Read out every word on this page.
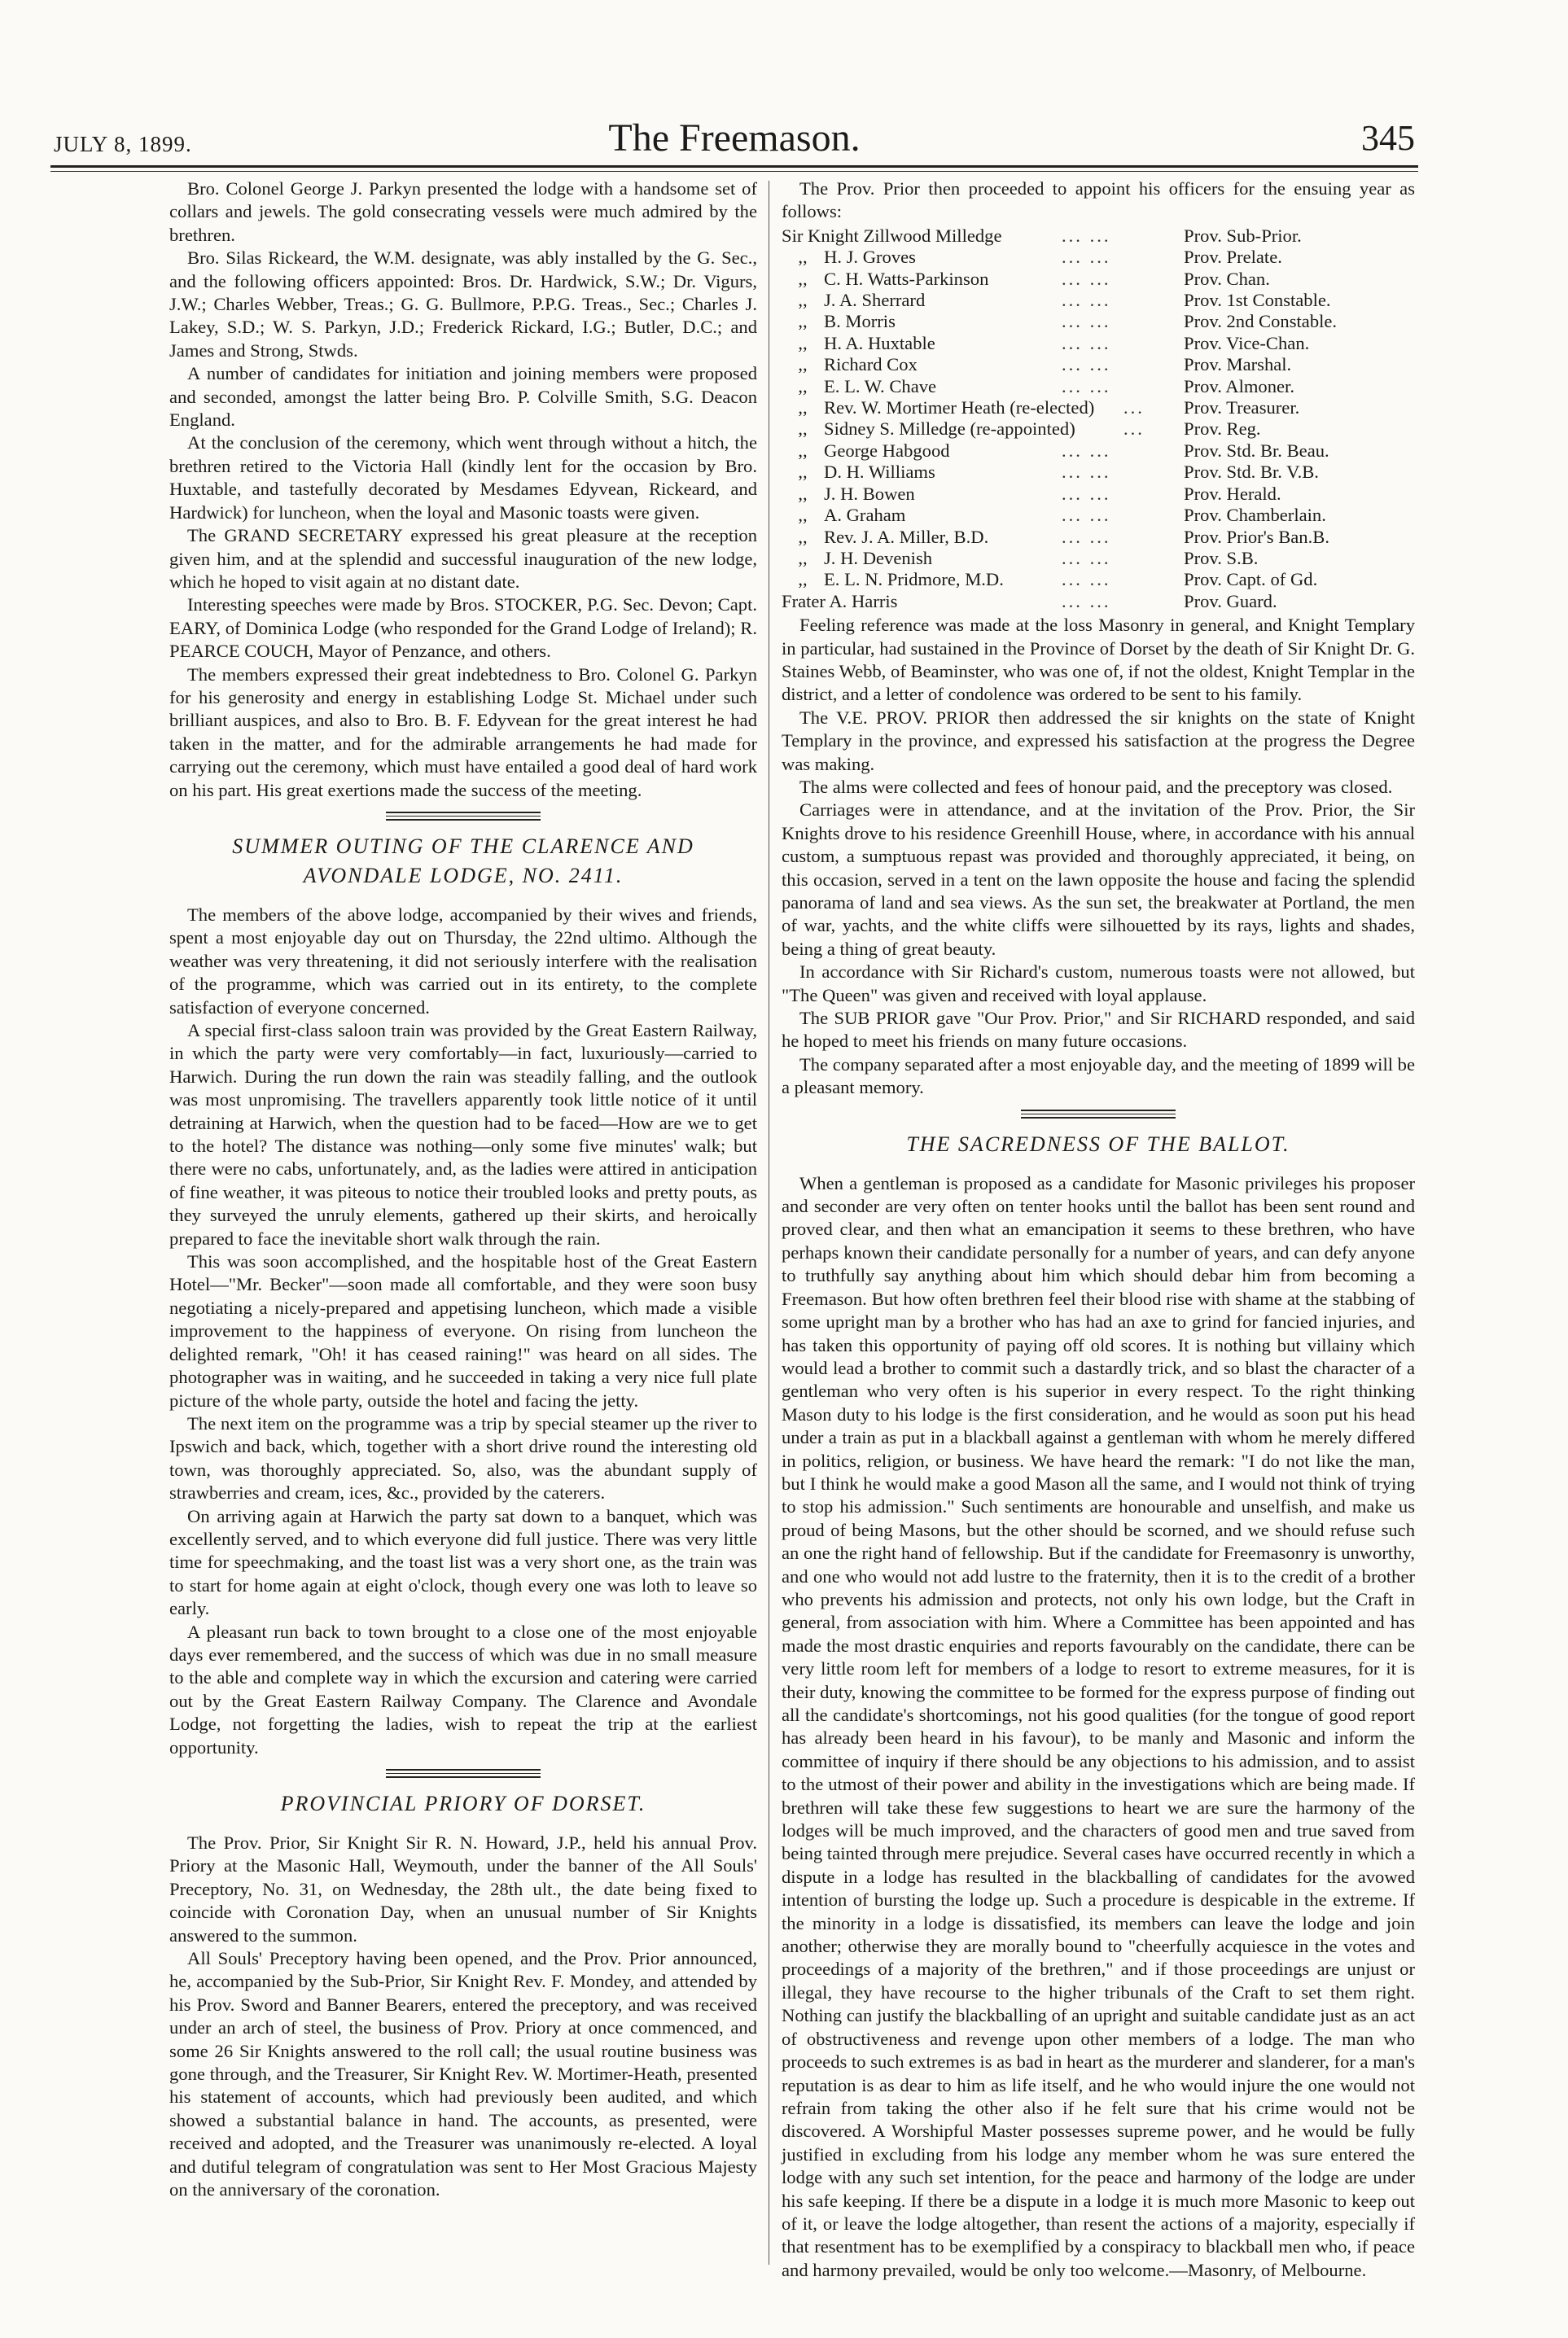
JULY 8, 1899.	The Freemason.	345

Bro. Colonel George J. Parkyn presented the lodge with a handsome set of collars and jewels. The gold consecrating vessels were much admired by the brethren.

Bro. Silas Rickeard, the W.M. designate, was ably installed by the G. Sec., and the following officers appointed: Bros. Dr. Hardwick, S.W.; Dr. Vigurs, J.W.; Charles Webber, Treas.; G. G. Bullmore, P.P.G. Treas., Sec.; Charles J. Lakey, S.D.; W. S. Parkyn, J.D.; Frederick Rickard, I.G.; Butler, D.C.; and James and Strong, Stwds.

A number of candidates for initiation and joining members were proposed and seconded, amongst the latter being Bro. P. Colville Smith, S.G. Deacon England.

At the conclusion of the ceremony, which went through without a hitch, the brethren retired to the Victoria Hall (kindly lent for the occasion by Bro. Huxtable, and tastefully decorated by Mesdames Edyvean, Rickeard, and Hardwick) for luncheon, when the loyal and Masonic toasts were given.

The GRAND SECRETARY expressed his great pleasure at the reception given him, and at the splendid and successful inauguration of the new lodge, which he hoped to visit again at no distant date.

Interesting speeches were made by Bros. STOCKER, P.G. Sec. Devon; Capt. EARY, of Dominica Lodge (who responded for the Grand Lodge of Ireland); R. PEARCE COUCH, Mayor of Penzance, and others.

The members expressed their great indebtedness to Bro. Colonel G. Parkyn for his generosity and energy in establishing Lodge St. Michael under such brilliant auspices, and also to Bro. B. F. Edyvean for the great interest he had taken in the matter, and for the admirable arrangements he had made for carrying out the ceremony, which must have entailed a good deal of hard work on his part. His great exertions made the success of the meeting.

SUMMER OUTING OF THE CLARENCE AND AVONDALE LODGE, NO. 2411.

The members of the above lodge, accompanied by their wives and friends, spent a most enjoyable day out on Thursday, the 22nd ultimo. Although the weather was very threatening, it did not seriously interfere with the realisation of the programme, which was carried out in its entirety, to the complete satisfaction of everyone concerned.

A special first-class saloon train was provided by the Great Eastern Railway, in which the party were very comfortably—in fact, luxuriously—carried to Harwich. During the run down the rain was steadily falling, and the outlook was most unpromising. The travellers apparently took little notice of it until detraining at Harwich, when the question had to be faced—How are we to get to the hotel? The distance was nothing—only some five minutes' walk; but there were no cabs, unfortunately, and, as the ladies were attired in anticipation of fine weather, it was piteous to notice their troubled looks and pretty pouts, as they surveyed the unruly elements, gathered up their skirts, and heroically prepared to face the inevitable short walk through the rain.

This was soon accomplished, and the hospitable host of the Great Eastern Hotel—"Mr. Becker"—soon made all comfortable, and they were soon busy negotiating a nicely-prepared and appetising luncheon, which made a visible improvement to the happiness of everyone. On rising from luncheon the delighted remark, "Oh! it has ceased raining!" was heard on all sides. The photographer was in waiting, and he succeeded in taking a very nice full plate picture of the whole party, outside the hotel and facing the jetty.

The next item on the programme was a trip by special steamer up the river to Ipswich and back, which, together with a short drive round the interesting old town, was thoroughly appreciated. So, also, was the abundant supply of strawberries and cream, ices, &c., provided by the caterers.

On arriving again at Harwich the party sat down to a banquet, which was excellently served, and to which everyone did full justice. There was very little time for speechmaking, and the toast list was a very short one, as the train was to start for home again at eight o'clock, though every one was loth to leave so early.

A pleasant run back to town brought to a close one of the most enjoyable days ever remembered, and the success of which was due in no small measure to the able and complete way in which the excursion and catering were carried out by the Great Eastern Railway Company. The Clarence and Avondale Lodge, not forgetting the ladies, wish to repeat the trip at the earliest opportunity.

PROVINCIAL PRIORY OF DORSET.

The Prov. Prior, Sir Knight Sir R. N. Howard, J.P., held his annual Prov. Priory at the Masonic Hall, Weymouth, under the banner of the All Souls' Preceptory, No. 31, on Wednesday, the 28th ult., the date being fixed to coincide with Coronation Day, when an unusual number of Sir Knights answered to the summon.

All Souls' Preceptory having been opened, and the Prov. Prior announced, he, accompanied by the Sub-Prior, Sir Knight Rev. F. Mondey, and attended by his Prov. Sword and Banner Bearers, entered the preceptory, and was received under an arch of steel, the business of Prov. Priory at once commenced, and some 26 Sir Knights answered to the roll call; the usual routine business was gone through, and the Treasurer, Sir Knight Rev. W. Mortimer-Heath, presented his statement of accounts, which had previously been audited, and which showed a substantial balance in hand. The accounts, as presented, were received and adopted, and the Treasurer was unanimously re-elected. A loyal and dutiful telegram of congratulation was sent to Her Most Gracious Majesty on the anniversary of the coronation.

The Prov. Prior then proceeded to appoint his officers for the ensuing year as follows:

Sir Knight Zillwood Milledge	... ...	Prov. Sub-Prior.
,, H. J. Groves	... ...	Prov. Prelate.
,, C. H. Watts-Parkinson	... ...	Prov. Chan.
,, J. A. Sherrard	... ...	Prov. 1st Constable.
,, B. Morris	... ...	Prov. 2nd Constable.
,, H. A. Huxtable	... ...	Prov. Vice-Chan.
,, Richard Cox	... ...	Prov. Marshal.
,, E. L. W. Chave	... ...	Prov. Almoner.
,, Rev. W. Mortimer Heath (re-elected)	...	Prov. Treasurer.
,, Sidney S. Milledge (re-appointed)	...	Prov. Reg.
,, George Habgood	... ...	Prov. Std. Br. Beau.
,, D. H. Williams	... ...	Prov. Std. Br. V.B.
,, J. H. Bowen	... ...	Prov. Herald.
,, A. Graham	... ...	Prov. Chamberlain.
,, Rev. J. A. Miller, B.D.	... ...	Prov. Prior's Ban.B.
,, J. H. Devenish	... ...	Prov. S.B.
,, E. L. N. Pridmore, M.D.	... ...	Prov. Capt. of Gd.
Frater A. Harris	... ...	Prov. Guard.

Feeling reference was made at the loss Masonry in general, and Knight Templary in particular, had sustained in the Province of Dorset by the death of Sir Knight Dr. G. Staines Webb, of Beaminster, who was one of, if not the oldest, Knight Templar in the district, and a letter of condolence was ordered to be sent to his family.

The V.E. PROV. PRIOR then addressed the sir knights on the state of Knight Templary in the province, and expressed his satisfaction at the progress the Degree was making.

The alms were collected and fees of honour paid, and the preceptory was closed.

Carriages were in attendance, and at the invitation of the Prov. Prior, the Sir Knights drove to his residence Greenhill House, where, in accordance with his annual custom, a sumptuous repast was provided and thoroughly appreciated, it being, on this occasion, served in a tent on the lawn opposite the house and facing the splendid panorama of land and sea views. As the sun set, the breakwater at Portland, the men of war, yachts, and the white cliffs were silhouetted by its rays, lights and shades, being a thing of great beauty.

In accordance with Sir Richard's custom, numerous toasts were not allowed, but "The Queen" was given and received with loyal applause.

The SUB PRIOR gave "Our Prov. Prior," and Sir RICHARD responded, and said he hoped to meet his friends on many future occasions.

The company separated after a most enjoyable day, and the meeting of 1899 will be a pleasant memory.

THE SACREDNESS OF THE BALLOT.

When a gentleman is proposed as a candidate for Masonic privileges his proposer and seconder are very often on tenter hooks until the ballot has been sent round and proved clear, and then what an emancipation it seems to these brethren, who have perhaps known their candidate personally for a number of years, and can defy anyone to truthfully say anything about him which should debar him from becoming a Freemason. But how often brethren feel their blood rise with shame at the stabbing of some upright man by a brother who has had an axe to grind for fancied injuries, and has taken this opportunity of paying off old scores. It is nothing but villainy which would lead a brother to commit such a dastardly trick, and so blast the character of a gentleman who very often is his superior in every respect. To the right thinking Mason duty to his lodge is the first consideration, and he would as soon put his head under a train as put in a blackball against a gentleman with whom he merely differed in politics, religion, or business. We have heard the remark: "I do not like the man, but I think he would make a good Mason all the same, and I would not think of trying to stop his admission." Such sentiments are honourable and unselfish, and make us proud of being Masons, but the other should be scorned, and we should refuse such an one the right hand of fellowship. But if the candidate for Freemasonry is unworthy, and one who would not add lustre to the fraternity, then it is to the credit of a brother who prevents his admission and protects, not only his own lodge, but the Craft in general, from association with him. Where a Committee has been appointed and has made the most drastic enquiries and reports favourably on the candidate, there can be very little room left for members of a lodge to resort to extreme measures, for it is their duty, knowing the committee to be formed for the express purpose of finding out all the candidate's shortcomings, not his good qualities (for the tongue of good report has already been heard in his favour), to be manly and Masonic and inform the committee of inquiry if there should be any objections to his admission, and to assist to the utmost of their power and ability in the investigations which are being made. If brethren will take these few suggestions to heart we are sure the harmony of the lodges will be much improved, and the characters of good men and true saved from being tainted through mere prejudice. Several cases have occurred recently in which a dispute in a lodge has resulted in the blackballing of candidates for the avowed intention of bursting the lodge up. Such a procedure is despicable in the extreme. If the minority in a lodge is dissatisfied, its members can leave the lodge and join another; otherwise they are morally bound to "cheerfully acquiesce in the votes and proceedings of a majority of the brethren," and if those proceedings are unjust or illegal, they have recourse to the higher tribunals of the Craft to set them right. Nothing can justify the blackballing of an upright and suitable candidate just as an act of obstructiveness and revenge upon other members of a lodge. The man who proceeds to such extremes is as bad in heart as the murderer and slanderer, for a man's reputation is as dear to him as life itself, and he who would injure the one would not refrain from taking the other also if he felt sure that his crime would not be discovered. A Worshipful Master possesses supreme power, and he would be fully justified in excluding from his lodge any member whom he was sure entered the lodge with any such set intention, for the peace and harmony of the lodge are under his safe keeping. If there be a dispute in a lodge it is much more Masonic to keep out of it, or leave the lodge altogether, than resent the actions of a majority, especially if that resentment has to be exemplified by a conspiracy to blackball men who, if peace and harmony prevailed, would be only too welcome.—Masonry, of Melbourne.
